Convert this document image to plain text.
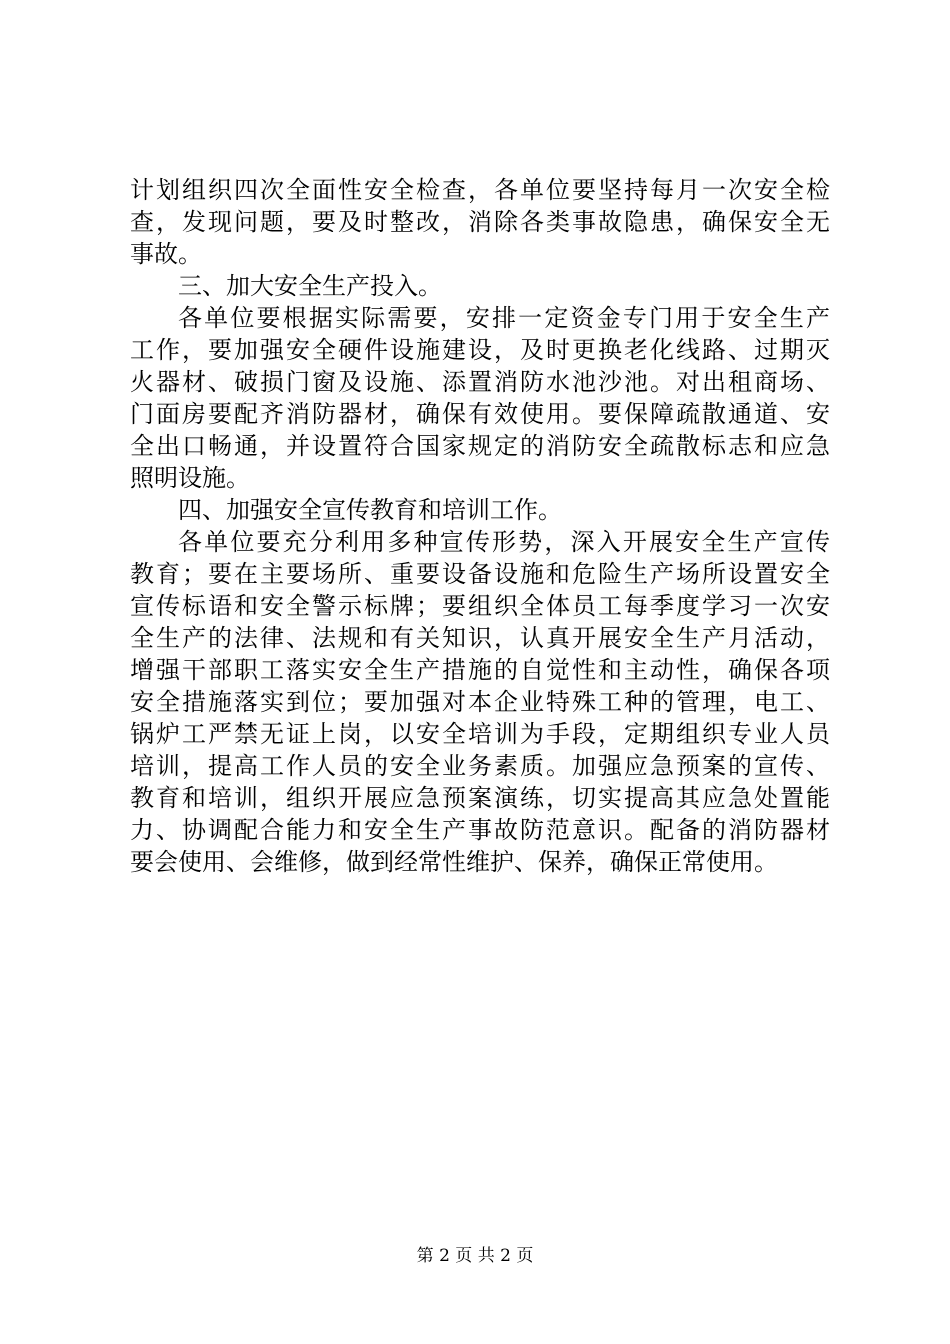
计划组织四次全面性安全检查，各单位要坚持每月一次安全检
查，发现问题，要及时整改，消除各类事故隐患，确保安全无
事故。
三、加大安全生产投入。
各单位要根据实际需要，安排一定资金专门用于安全生产
工作，要加强安全硬件设施建设，及时更换老化线路、过期灭
火器材、破损门窗及设施、添置消防水池沙池。对出租商场、
门面房要配齐消防器材，确保有效使用。要保障疏散通道、安
全出口畅通，并设置符合国家规定的消防安全疏散标志和应急
照明设施。
四、加强安全宣传教育和培训工作。
各单位要充分利用多种宣传形势，深入开展安全生产宣传
教育；要在主要场所、重要设备设施和危险生产场所设置安全
宣传标语和安全警示标牌；要组织全体员工每季度学习一次安
全生产的法律、法规和有关知识，认真开展安全生产月活动，
增强干部职工落实安全生产措施的自觉性和主动性，确保各项
安全措施落实到位；要加强对本企业特殊工种的管理，电工、
锅炉工严禁无证上岗，以安全培训为手段，定期组织专业人员
培训，提高工作人员的安全业务素质。加强应急预案的宣传、
教育和培训，组织开展应急预案演练，切实提高其应急处置能
力、协调配合能力和安全生产事故防范意识。配备的消防器材
要会使用、会维修，做到经常性维护、保养，确保正常使用。
第 2 页 共 2 页
